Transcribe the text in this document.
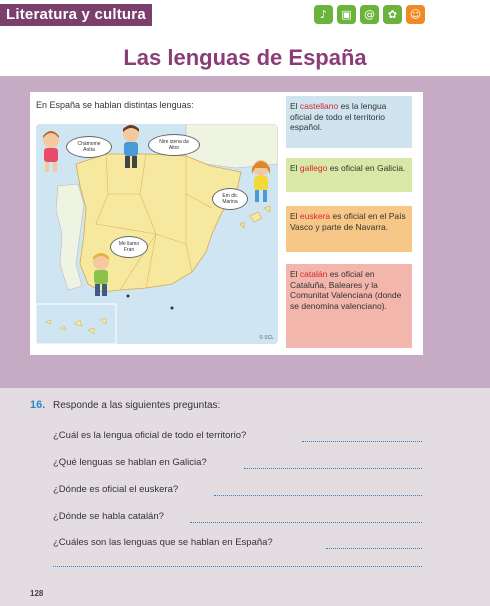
Literatura y cultura	♪	▣	@	✿	☺
Las lenguas de España
En España se hablan distintas lenguas:
Chámome
Antía
Nire izena da
Aitor
Em dic
Marina
Me llamo
Fran
© SCL
El castellano es la lengua oficial de todo el territorio español.
El gallego es oficial en Galicia.
El euskera es oficial en el País Vasco y parte de Navarra.
El catalán es oficial en Cataluña, Baleares y la Comunitat Valenciana (donde se denomina valenciano).
16. Responde a las siguientes preguntas:
¿Cuál es la lengua oficial de todo el territorio?
¿Qué lenguas se hablan en Galicia?
¿Dónde es oficial el euskera?
¿Dónde se habla catalán?
¿Cuáles son las lenguas que se hablan en España?
128
